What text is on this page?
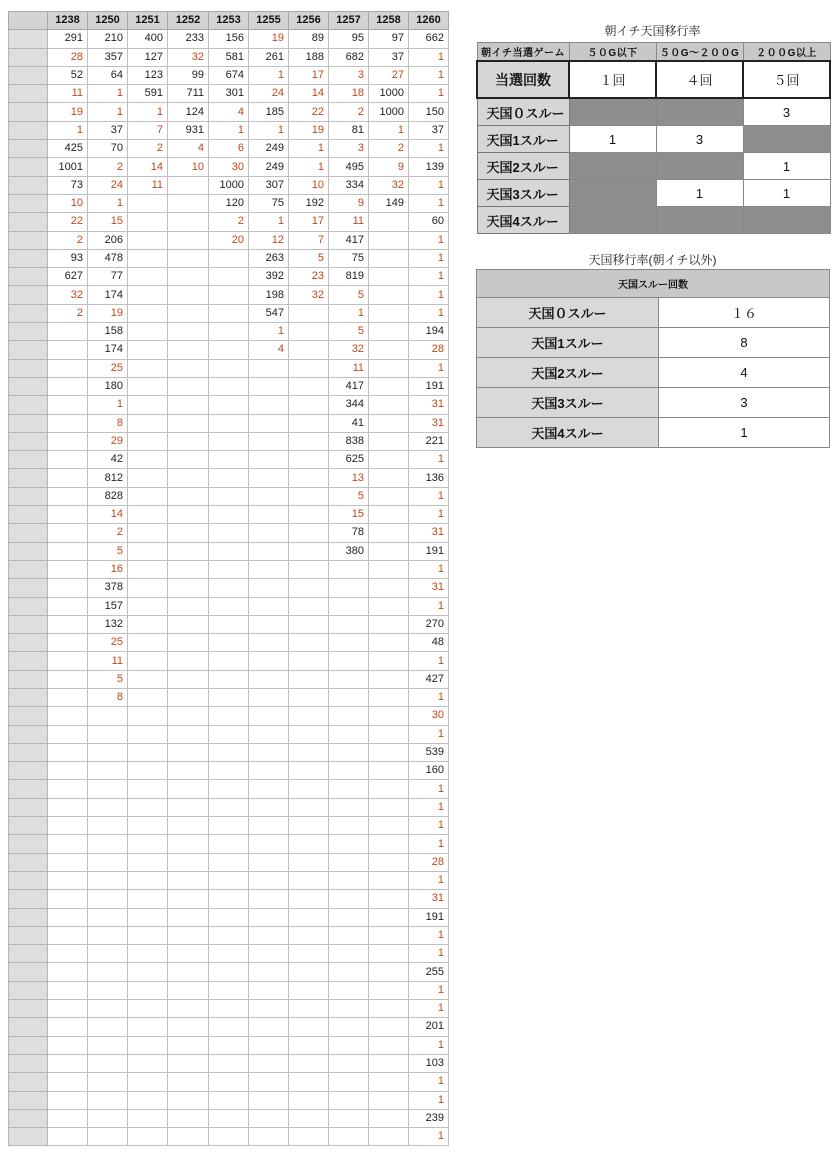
	1238	1250	1251	1252	1253	1255	1256	1257	1258	1260
	291	210	400	233	156	19	89	95	97	662
	28	357	127	32	581	261	188	682	37	1
	52	64	123	99	674	1	17	3	27	1
	11	1	591	711	301	24	14	18	1000	1
	19	1	1	124	4	185	22	2	1000	150
	1	37	7	931	1	1	19	81	1	37
	425	70	2	4	6	249	1	3	2	1
	1001	2	14	10	30	249	1	495	9	139
	73	24	11		1000	307	10	334	32	1
	10	1			120	75	192	9	149	1
	22	15			2	1	17	11		60
	2	206			20	12	7	417		1
	93	478				263	5	75		1
	627	77				392	23	819		1
	32	174				198	32	5		1
	2	19				547		1		1
		158				1		5		194
		174				4		32		28
		25						11		1
		180						417		191
		1						344		31
		8						41		31
		29						838		221
		42						625		1
		812						13		136
		828						5		1
		14						15		1
		2						78		31
		5						380		191
		16								1
		378								31
		157								1
		132								270
		25								48
		11								1
		5								427
		8								1
										30
										1
										539
										160
										1
										1
										1
										1
										28
										1
										31
										191
										1
										1
										255
										1
										1
										201
										1
										103
										1
										1
										239
										1
朝イチ天国移行率
朝イチ当選ゲーム	５０G以下	５０G〜２００G	２００G以上
当選回数	１回	４回	５回
天国０スルー			3
天国1スルー	1	3	
天国2スルー			1
天国3スルー		1	1
天国4スルー			
天国移行率(朝イチ以外)
天国スルー回数	
天国０スルー	１６
天国1スルー	8
天国2スルー	4
天国3スルー	3
天国4スルー	1
